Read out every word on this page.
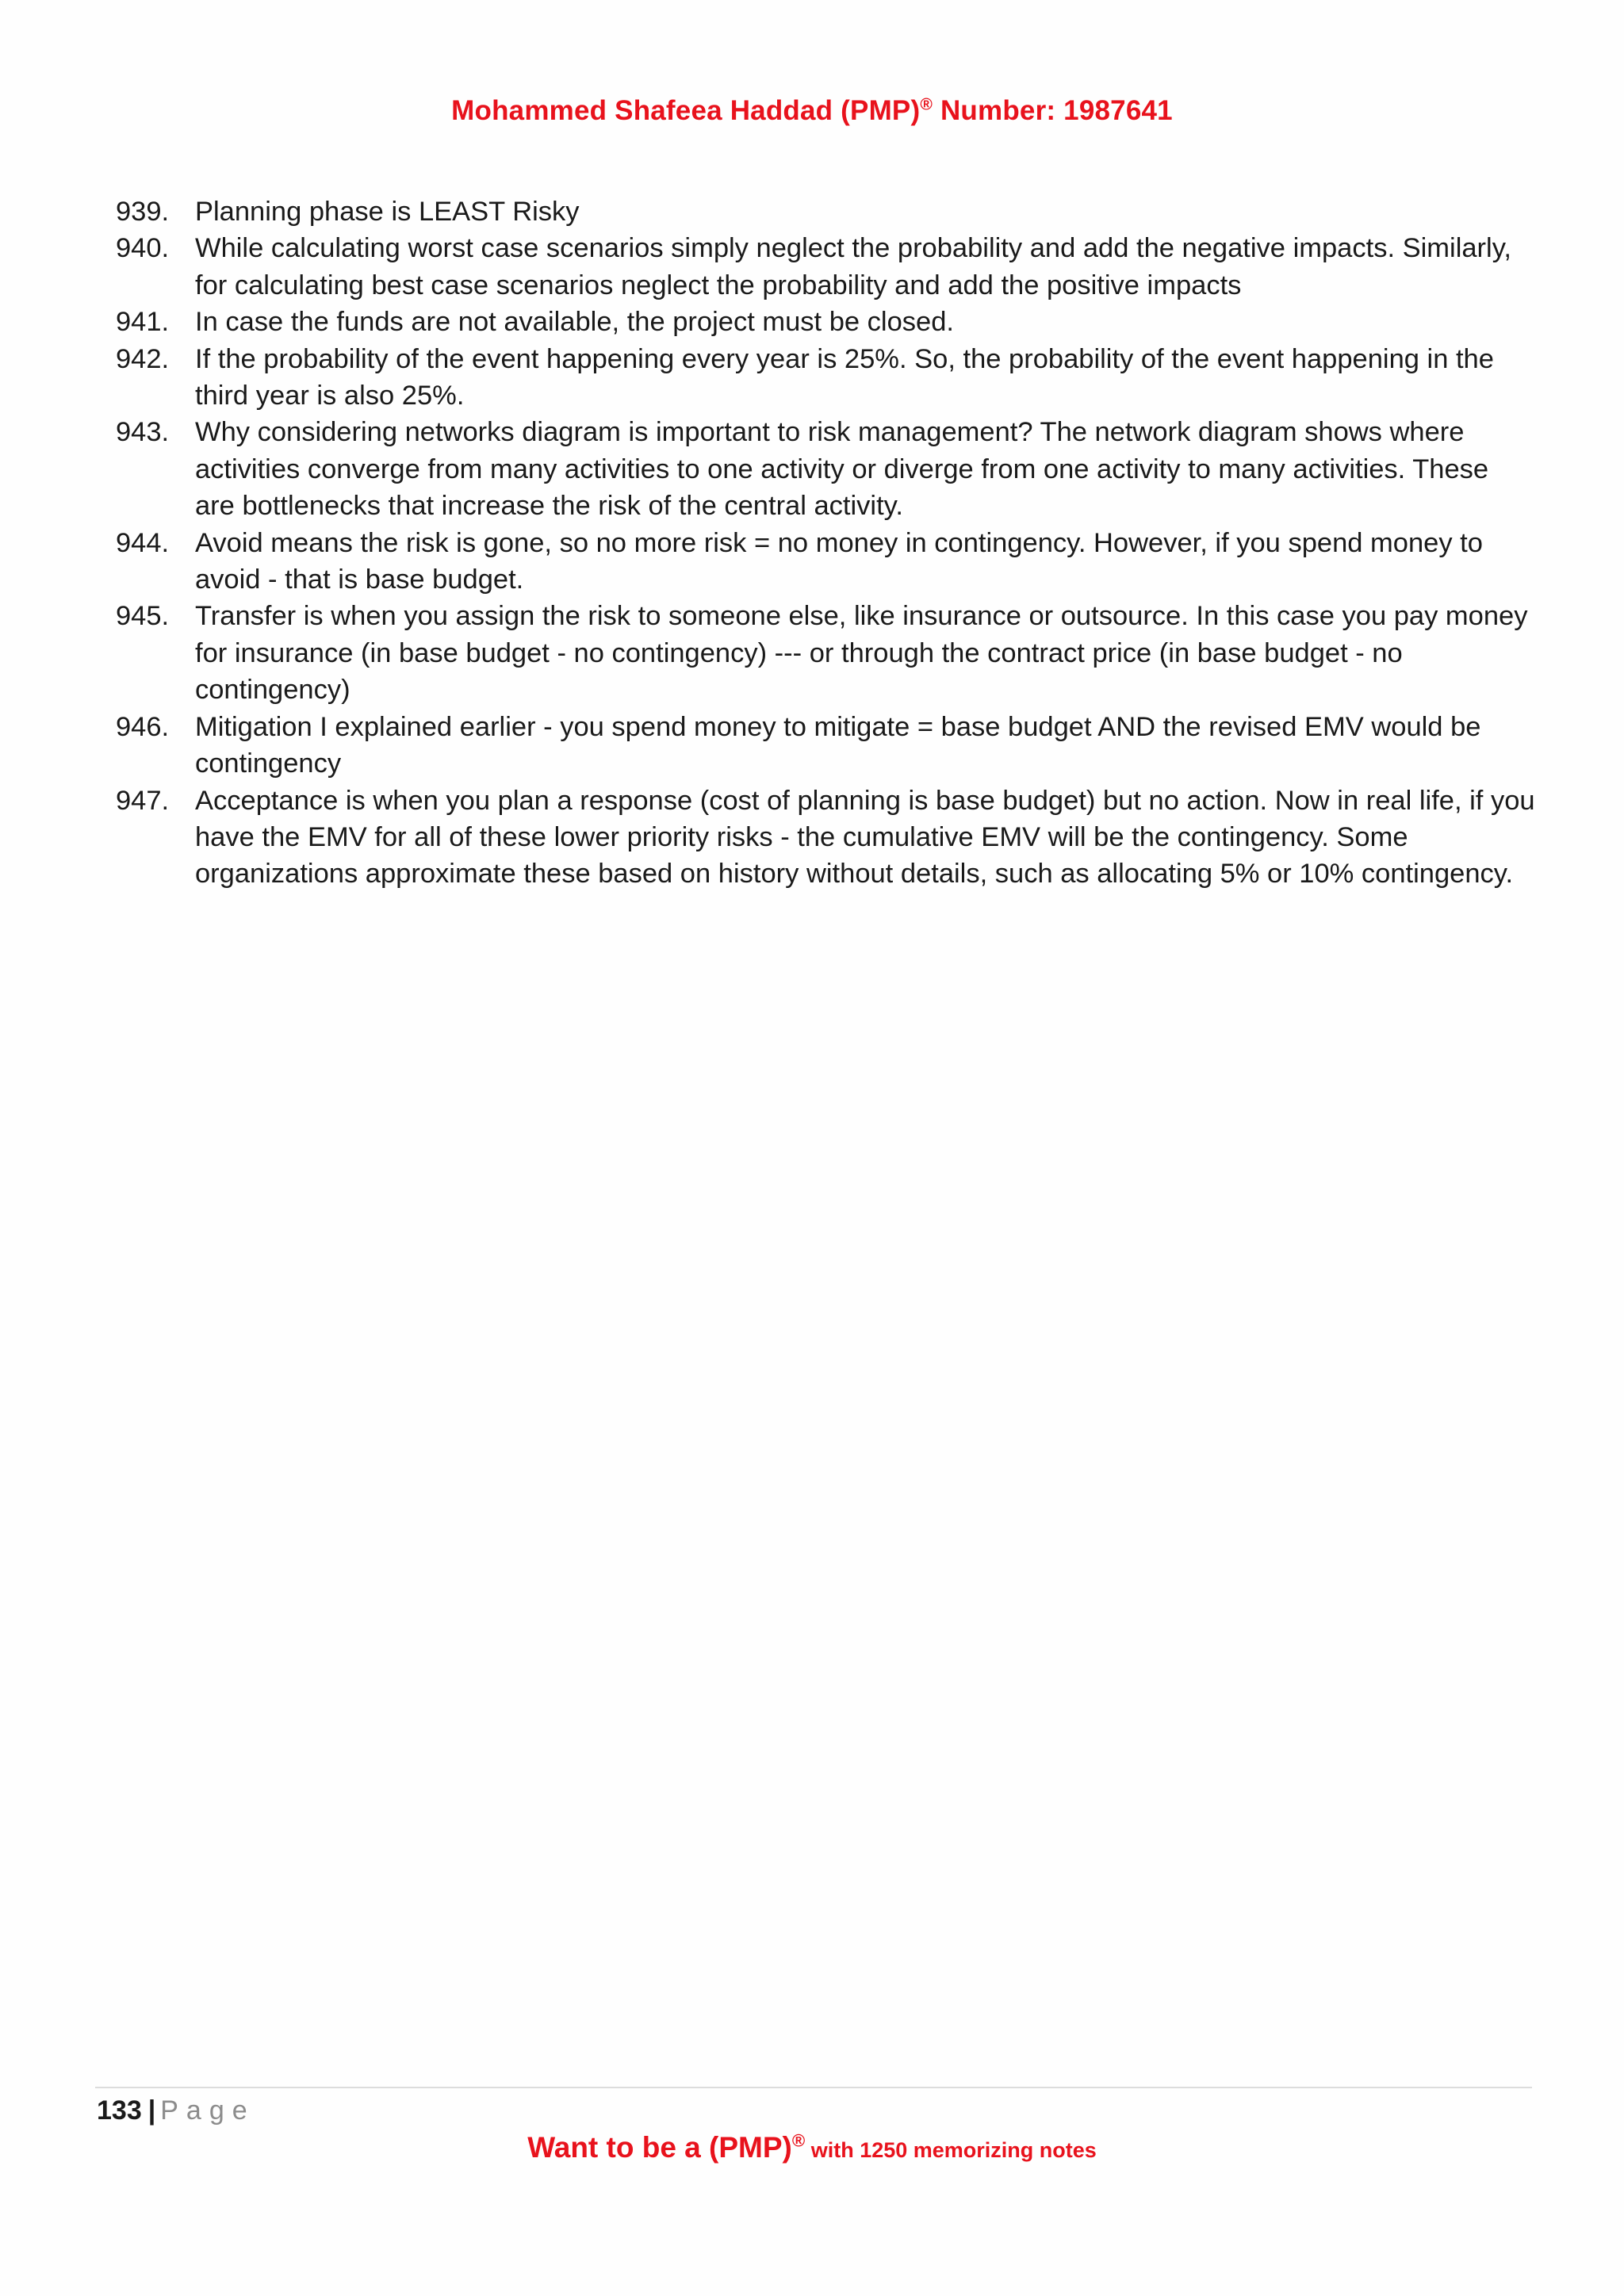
Mohammed Shafeea Haddad (PMP)® Number: 1987641
939. Planning phase is LEAST Risky
940. While calculating worst case scenarios simply neglect the probability and add the negative impacts. Similarly, for calculating best case scenarios neglect the probability and add the positive impacts
941. In case the funds are not available, the project must be closed.
942. If the probability of the event happening every year is 25%. So, the probability of the event happening in the third year is also 25%.
943. Why considering networks diagram is important to risk management? The network diagram shows where activities converge from many activities to one activity or diverge from one activity to many activities. These are bottlenecks that increase the risk of the central activity.
944. Avoid means the risk is gone, so no more risk = no money in contingency. However, if you spend money to avoid - that is base budget.
945. Transfer is when you assign the risk to someone else, like insurance or outsource. In this case you pay money for insurance (in base budget - no contingency) --- or through the contract price (in base budget - no contingency)
946. Mitigation I explained earlier - you spend money to mitigate = base budget AND the revised EMV would be contingency
947. Acceptance is when you plan a response (cost of planning is base budget) but no action. Now in real life, if you have the EMV for all of these lower priority risks - the cumulative EMV will be the contingency. Some organizations approximate these based on history without details, such as allocating 5% or 10% contingency.
133 | Page
Want to be a (PMP)® with 1250 memorizing notes
